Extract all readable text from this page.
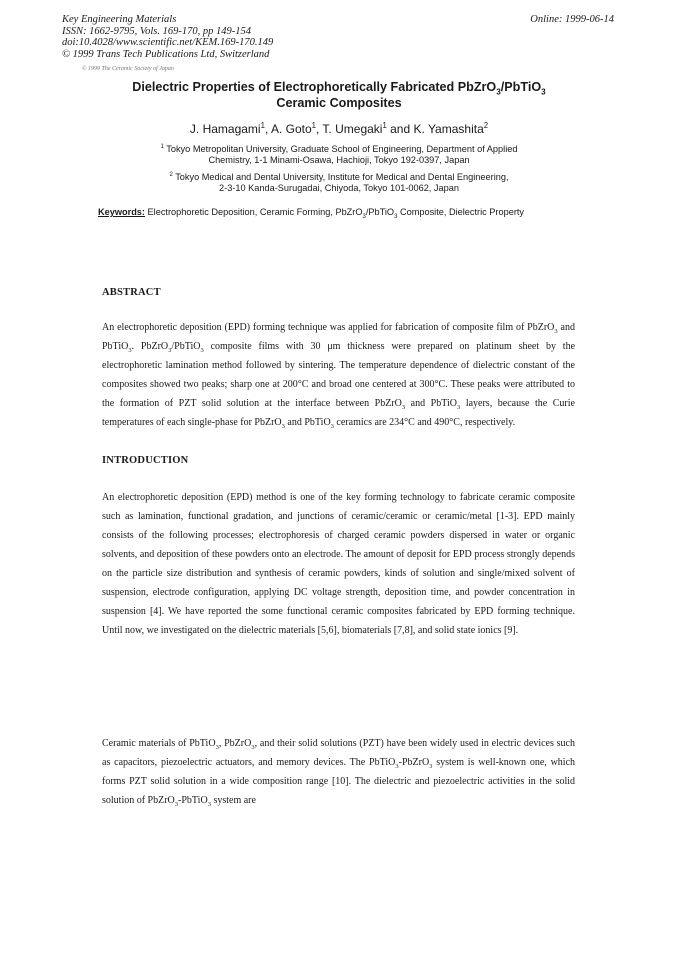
Key Engineering Materials
ISSN: 1662-9795, Vols. 169-170, pp 149-154
doi:10.4028/www.scientific.net/KEM.169-170.149
© 1999 Trans Tech Publications Ltd, Switzerland
Online: 1999-06-14
© 1999 The Ceramic Society of Japan
Dielectric Properties of Electrophoretically Fabricated PbZrO$_3$/PbTiO$_3$
Ceramic Composites
J. Hamagami$^1$, A. Goto$^1$, T. Umegaki$^1$ and K. Yamashita$^2$
$^1$ Tokyo Metropolitan University, Graduate School of Engineering, Department of Applied
Chemistry, 1-1 Minami-Osawa, Hachioji, Tokyo 192-0397, Japan
$^2$ Tokyo Medical and Dental University, Institute for Medical and Dental Engineering,
2-3-10 Kanda-Surugadai, Chiyoda, Tokyo 101-0062, Japan
Keywords: Electrophoretic Deposition, Ceramic Forming, PbZrO$_3$/PbTiO$_3$ Composite, Dielectric Property
ABSTRACT
An electrophoretic deposition (EPD) forming technique was applied for fabrication of composite film of PbZrO$_3$ and PbTiO$_3$. PbZrO$_3$/PbTiO$_3$ composite films with 30 μm thickness were prepared on platinum sheet by the electrophoretic lamination method followed by sintering. The temperature dependence of dielectric constant of the composites showed two peaks; sharp one at 200°C and broad one centered at 300°C. These peaks were attributed to the formation of PZT solid solution at the interface between PbZrO$_3$ and PbTiO$_3$ layers, because the Curie temperatures of each single-phase for PbZrO$_3$ and PbTiO$_3$ ceramics are 234°C and 490°C, respectively.
INTRODUCTION
An electrophoretic deposition (EPD) method is one of the key forming technology to fabricate ceramic composite such as lamination, functional gradation, and junctions of ceramic/ceramic or ceramic/metal [1-3]. EPD mainly consists of the following processes; electrophoresis of charged ceramic powders dispersed in water or organic solvents, and deposition of these powders onto an electrode. The amount of deposit for EPD process strongly depends on the particle size distribution and synthesis of ceramic powders, kinds of solution and single/mixed solvent of suspension, electrode configuration, applying DC voltage strength, deposition time, and powder concentration in suspension [4]. We have reported the some functional ceramic composites fabricated by EPD forming technique. Until now, we investigated on the dielectric materials [5,6], biomaterials [7,8], and solid state ionics [9].
Ceramic materials of PbTiO$_3$, PbZrO$_3$, and their solid solutions (PZT) have been widely used in electric devices such as capacitors, piezoelectric actuators, and memory devices. The PbTiO$_3$-PbZrO$_3$ system is well-known one, which forms PZT solid solution in a wide composition range [10]. The dielectric and piezoelectric activities in the solid solution of PbZrO$_3$-PbTiO$_3$ system are
